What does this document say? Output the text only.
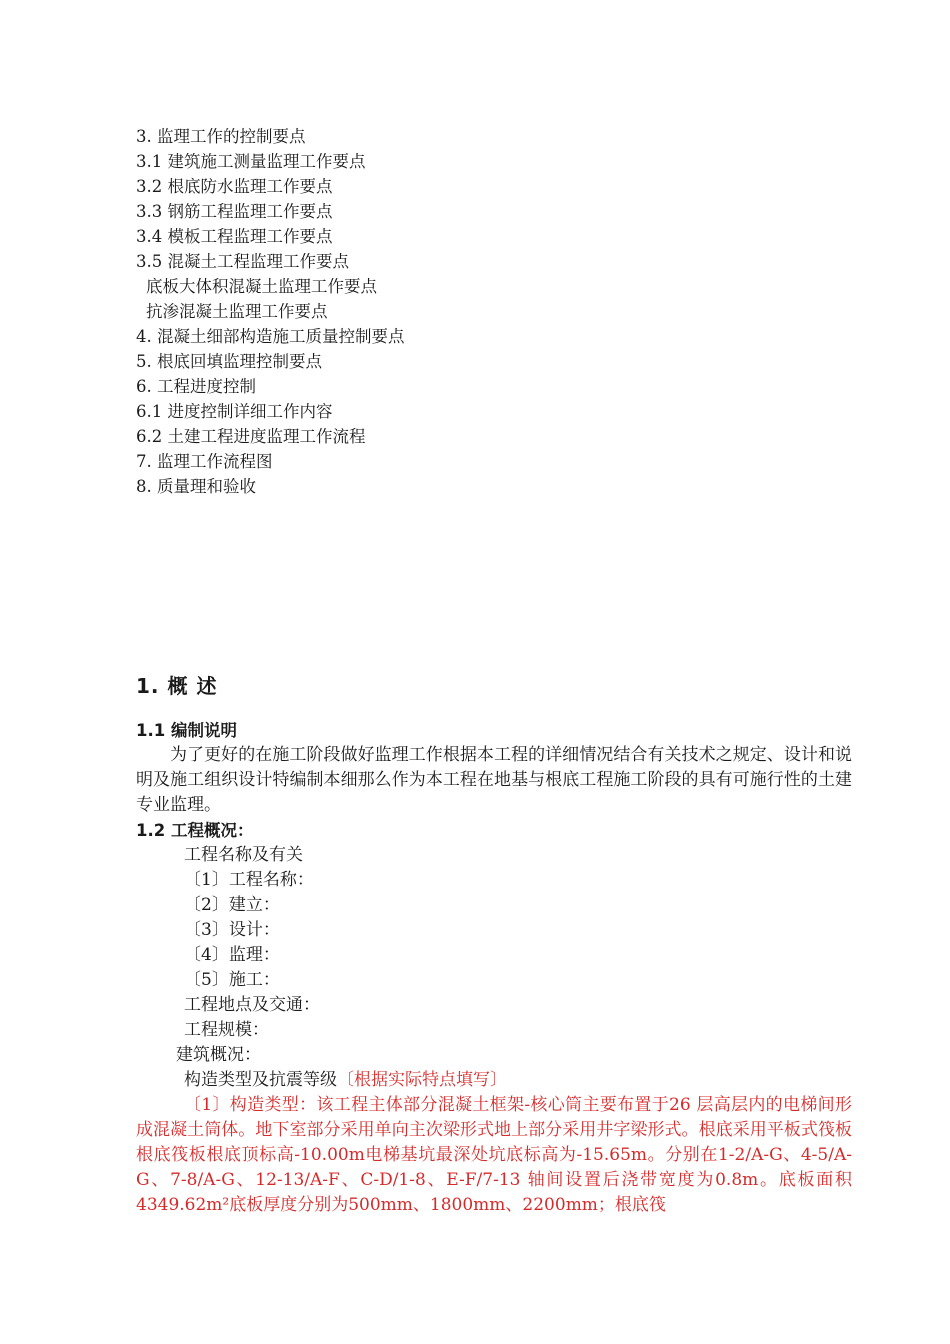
3. 监理工作的控制要点
3.1 建筑施工测量监理工作要点
3.2 根底防水监理工作要点
3.3 钢筋工程监理工作要点
3.4 模板工程监理工作要点
3.5 混凝土工程监理工作要点
底板大体积混凝土监理工作要点
抗渗混凝土监理工作要点
4. 混凝土细部构造施工质量控制要点
5. 根底回填监理控制要点
6. 工程进度控制
6.1 进度控制详细工作内容
6.2 土建工程进度监理工作流程
7. 监理工作流程图
8. 质量理和验收
1. 概 述
1.1 编制说明
为了更好的在施工阶段做好监理工作根据本工程的详细情况结合有关技术之规定、设计和说明及施工组织设计特编制本细那么作为本工程在地基与根底工程施工阶段的具有可施行性的土建专业监理。
1.2 工程概况：
工程名称及有关
〔1〕工程名称：
〔2〕建立：
〔3〕设计：
〔4〕监理：
〔5〕施工：
工程地点及交通：
工程规模：
建筑概况：
构造类型及抗震等级〔根据实际特点填写〕
〔1〕构造类型：该工程主体部分混凝土框架-核心筒主要布置于26 层高层内的电梯间形成混凝土筒体。地下室部分采用单向主次梁形式地上部分采用井字梁形式。根底采用平板式筏板根底筏板根底顶标高-10.00m电梯基坑最深处坑底标高为-15.65m。分别在1-2/A-G、4-5/A-G、7-8/A-G、12-13/A-F、C-D/1-8、E-F/7-13 轴间设置后浇带宽度为0.8m。底板面积4349.62m²底板厚度分别为500mm、1800mm、2200mm；根底筏
